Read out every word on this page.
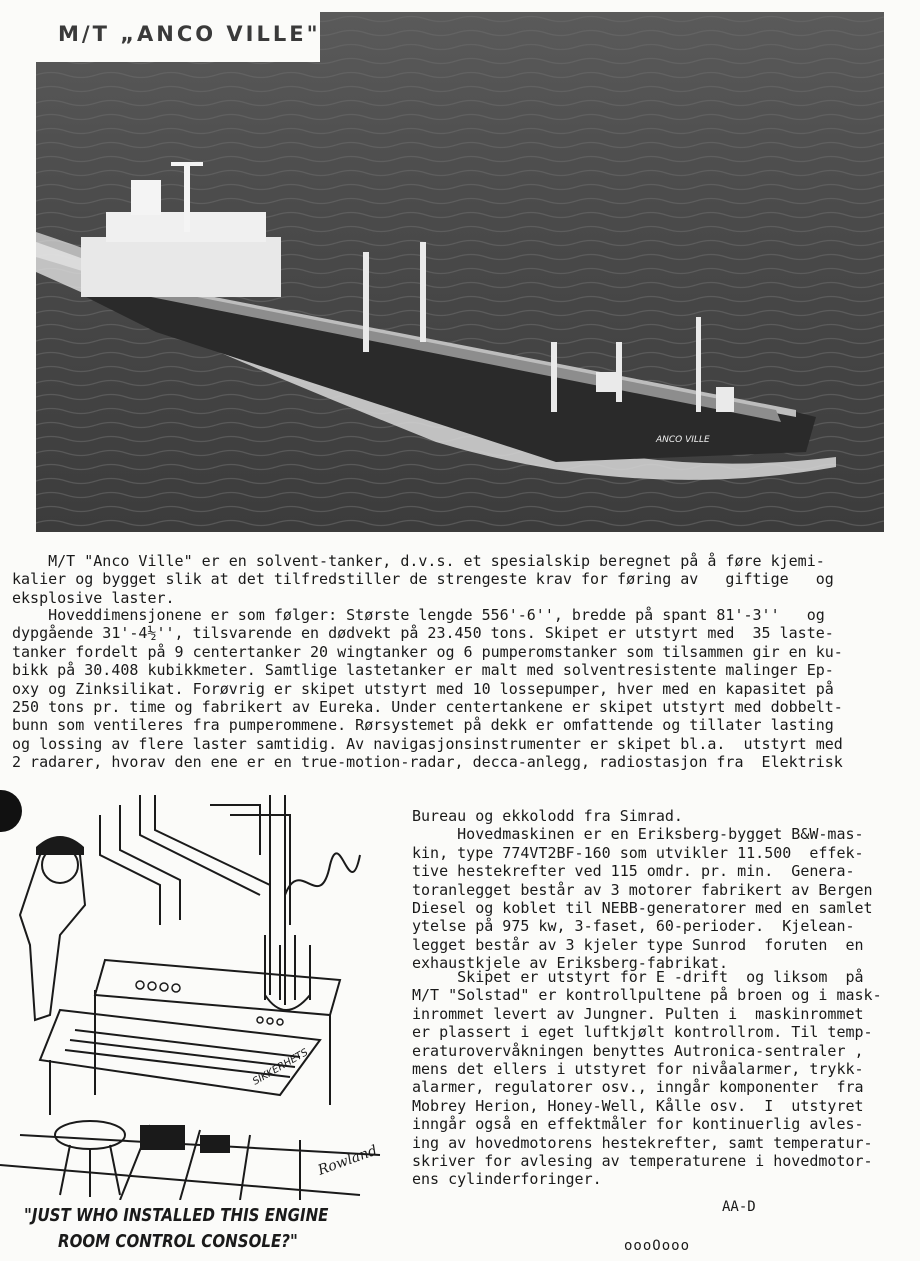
ANCO VILLE
M/T „ANCO VILLE"
M/T "Anco Ville" er en solvent-tanker, d.v.s. et spesialskip beregnet på å føre kjemi-
kalier og bygget slik at det tilfredstiller de strengeste krav for føring av   giftige   og
eksplosive laster.
Hoveddimensjonene er som følger: Største lengde 556'-6'', bredde på spant 81'-3''   og
dypgående 31'-4½'', tilsvarende en dødvekt på 23.450 tons. Skipet er utstyrt med  35 laste-
tanker fordelt på 9 centertanker 20 wingtanker og 6 pumperomstanker som tilsammen gir en ku-
bikk på 30.408 kubikkmeter. Samtlige lastetanker er malt med solventresistente malinger Ep-
oxy og Zinksilikat. Forøvrig er skipet utstyrt med 10 lossepumper, hver med en kapasitet på
250 tons pr. time og fabrikert av Eureka. Under centertankene er skipet utstyrt med dobbelt-
bunn som ventileres fra pumperommene. Rørsystemet på dekk er omfattende og tillater lasting
og lossing av flere laster samtidig. Av navigasjonsinstrumenter er skipet bl.a.  utstyrt med
2 radarer, hvorav den ene er en true-motion-radar, decca-anlegg, radiostasjon fra  Elektrisk
Bureau og ekkolodd fra Simrad.
Hovedmaskinen er en Eriksberg-bygget B&W-mas-
kin, type 774VT2BF-160 som utvikler 11.500  effek-
tive hestekrefter ved 115 omdr. pr. min.  Genera-
toranlegget består av 3 motorer fabrikert av Bergen
Diesel og koblet til NEBB-generatorer med en samlet
ytelse på 975 kw, 3-faset, 60-perioder.  Kjelean-
legget består av 3 kjeler type Sunrod  foruten  en
exhaustkjele av Eriksberg-fabrikat.
Skipet er utstyrt for E -drift  og liksom  på
M/T "Solstad" er kontrollpultene på broen og i mask-
inrommet levert av Jungner. Pulten i  maskinrommet
er plassert i eget luftkjølt kontrollrom. Til temp-
eraturovervåkningen benyttes Autronica-sentraler ,
mens det ellers i utstyret for nivåalarmer, trykk-
alarmer, regulatorer osv., inngår komponenter  fra
Mobrey Herion, Honey-Well, Kålle osv.  I  utstyret
inngår også en effektmåler for kontinuerlig avles-
ing av hovedmotorens hestekrefter, samt temperatur-
skriver for avlesing av temperaturene i hovedmotor-
ens cylinderforinger.
SIKKERHETS
Rowland
"JUST WHO INSTALLED THIS ENGINE
ROOM CONTROL CONSOLE?"
AA-D
oooOooo
